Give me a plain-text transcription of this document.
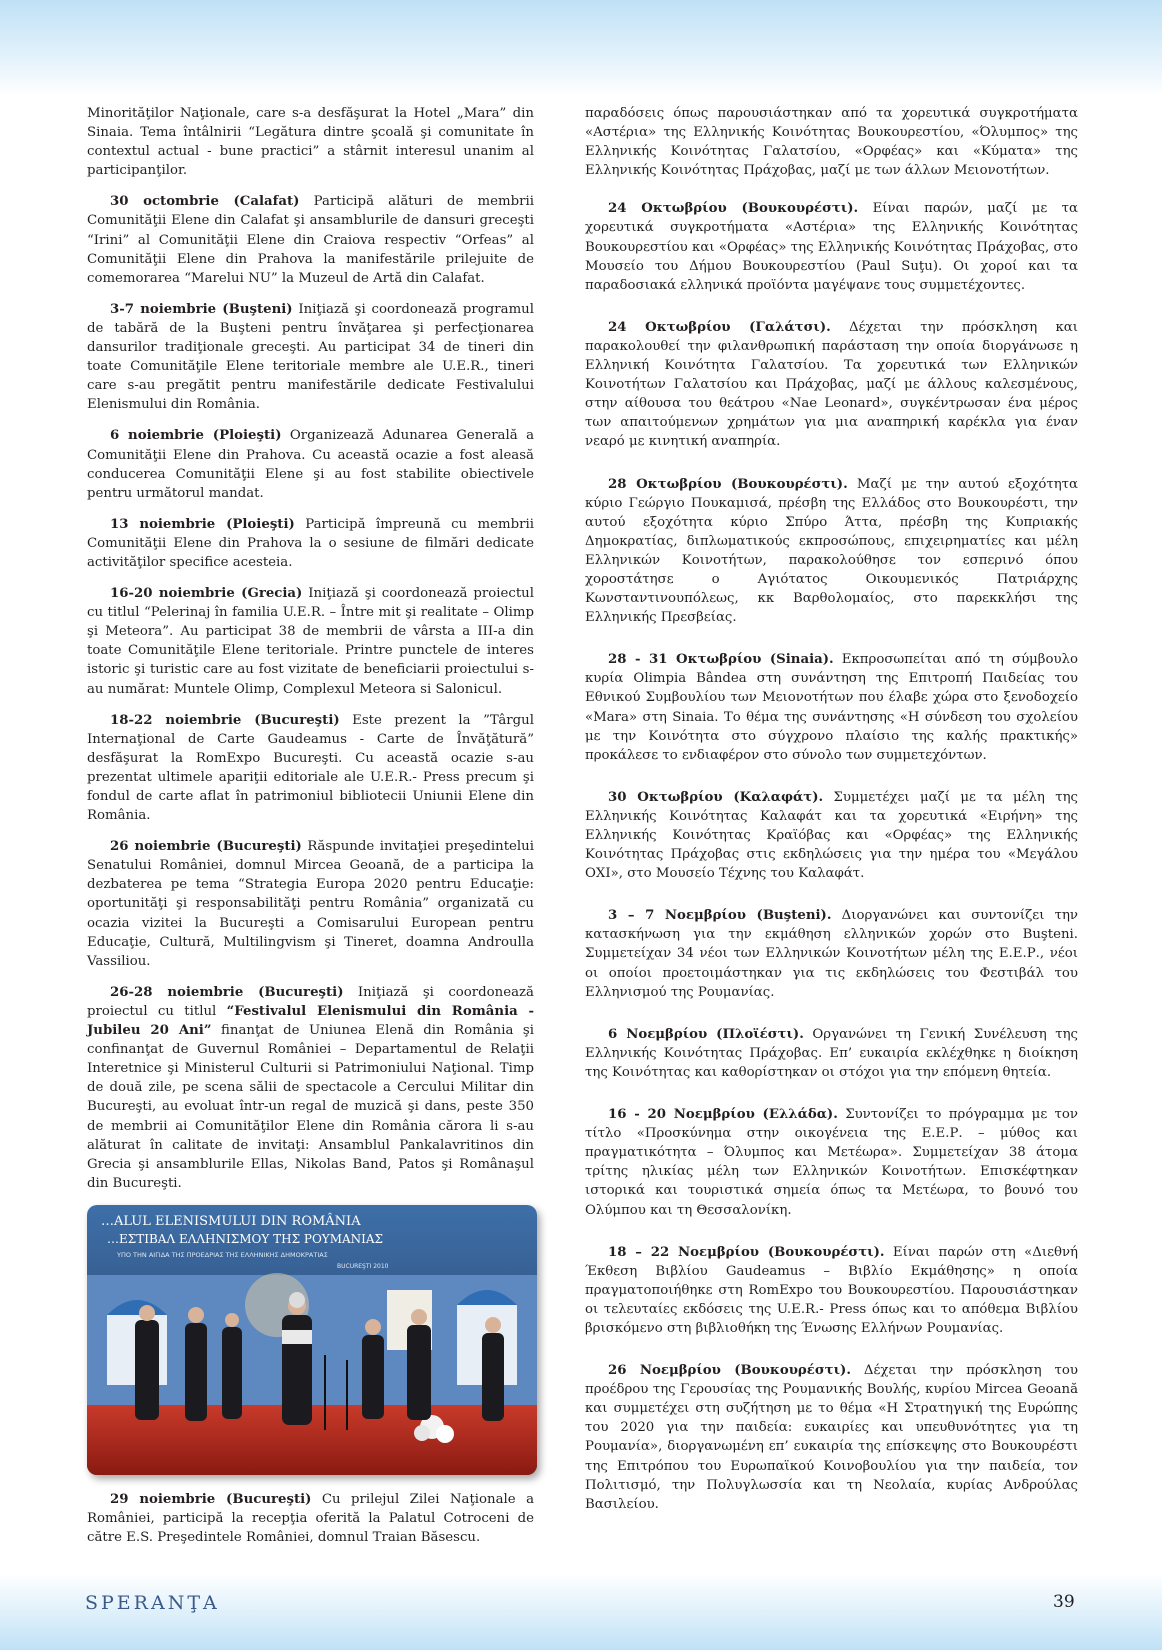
Minorităţilor Naţionale, care s-a desfăşurat la Hotel „Mara” din Sinaia. Tema întâlnirii “Legătura dintre şcoală şi comunitate în contextul actual - bune practici” a stârnit interesul unanim al participanţilor.

30 octombrie (Calafat) Participă alături de membrii Comunităţii Elene din Calafat şi ansamblurile de dansuri greceşti “Irini” al Comunităţii Elene din Craiova respectiv “Orfeas” al Comunităţii Elene din Prahova la manifestările prilejuite de comemorarea “Marelui NU” la Muzeul de Artă din Calafat.

3-7 noiembrie (Buşteni) Iniţiază şi coordonează programul de tabără de la Buşteni pentru învăţarea şi perfecţionarea dansurilor tradiţionale greceşti. Au participat 34 de tineri din toate Comunităţile Elene teritoriale membre ale U.E.R., tineri care s-au pregătit pentru manifestările dedicate Festivalului Elenismului din România.

6 noiembrie (Ploieşti) Organizează Adunarea Generală a Comunităţii Elene din Prahova. Cu această ocazie a fost aleasă conducerea Comunităţii Elene şi au fost stabilite obiectivele pentru următorul mandat.

13 noiembrie (Ploieşti) Participă împreună cu membrii Comunităţii Elene din Prahova la o sesiune de filmări dedicate activităţilor specifice acesteia.

16-20 noiembrie (Grecia) Iniţiază şi coordonează proiectul cu titlul “Pelerinaj în familia U.E.R. – Între mit şi realitate – Olimp şi Meteora”. Au participat 38 de membrii de vârsta a III-a din toate Comunităţile Elene teritoriale. Printre punctele de interes istoric şi turistic care au fost vizitate de beneficiarii proiectului s-au numărat: Muntele Olimp, Complexul Meteora si Salonicul.

18-22 noiembrie (Bucureşti) Este prezent la ”Târgul Internaţional de Carte Gaudeamus - Carte de Învăţătură” desfăşurat la RomExpo Bucureşti. Cu această ocazie s-au prezentat ultimele apariţii editoriale ale U.E.R.- Press precum şi fondul de carte aflat în patrimoniul bibliotecii Uniunii Elene din România.

26 noiembrie (Bucureşti) Răspunde invitaţiei preşedintelui Senatului României, domnul Mircea Geoană, de a participa la dezbaterea pe tema “Strategia Europa 2020 pentru Educaţie: oportunităţi şi responsabilităţi pentru România” organizată cu ocazia vizitei la Bucureşti a Comisarului European pentru Educaţie, Cultură, Multilingvism şi Tineret, doamna Androulla Vassiliou.

26-28 noiembrie (Bucureşti) Iniţiază şi coordonează proiectul cu titlul “Festivalul Elenismului din România - Jubileu 20 Ani” finanţat de Uniunea Elenă din România şi confinanţat de Guvernul României – Departamentul de Relaţii Interetnice şi Ministerul Culturii si Patrimoniului Naţional. Timp de două zile, pe scena sălii de spectacole a Cercului Militar din Bucureşti, au evoluat într-un regal de muzică şi dans, peste 350 de membrii ai Comunităţilor Elene din România cărora li s-au alăturat în calitate de invitaţi: Ansamblul Pankalavritinos din Grecia şi ansamblurile Ellas, Nikolas Band, Patos şi Românaşul din Bucureşti.

…ALUL ELENISMULUI DIN ROMÂNIA
…ΕΣΤΙΒΑΛ ΕΛΛΗΝΙΣΜΟΥ ΤΗΣ ΡΟΥΜΑΝΙΑΣ
ΥΠΟ ΤΗΝ ΑΙΓΙΔΑ ΤΗΣ ΠΡΟΕΔΡΙΑΣ ΤΗΣ ΕΛΛΗΝΙΚΗΣ ΔΗΜΟΚΡΑΤΙΑΣ
BUCUREŞTI 2010

29 noiembrie (Bucureşti) Cu prilejul Zilei Naţionale a României, participă la recepţia oferită la Palatul Cotroceni de către E.S. Preşedintele României, domnul Traian Băsescu.

παραδόσεις όπως παρουσιάστηκαν από τα χορευτικά συγκροτήματα «Αστέρια» της Ελληνικής Κοινότητας Βουκουρεστίου, «Όλυμπος» της Ελληνικής Κοινότητας Γαλατσίου, «Ορφέας» και «Κύματα» της Ελληνικής Κοινότητας Πράχοβας, μαζί με των άλλων Μειονοτήτων.

24 Οκτωβρίου (Βουκουρέστι). Είναι παρών, μαζί με τα χορευτικά συγκροτήματα «Αστέρια» της Ελληνικής Κοινότητας Βουκουρεστίου και «Ορφέας» της Ελληνικής Κοινότητας Πράχοβας, στο Μουσείο του Δήμου Βουκουρεστίου (Paul Suţu). Οι χοροί και τα παραδοσιακά ελληνικά προϊόντα μαγέψανε τους συμμετέχοντες.

24 Οκτωβρίου (Γαλάτσι). Δέχεται την πρόσκληση και παρακολουθεί την φιλανθρωπική παράσταση την οποία διοργάνωσε η Ελληνική Κοινότητα Γαλατσίου. Τα χορευτικά των Ελληνικών Κοινοτήτων Γαλατσίου και Πράχοβας, μαζί με άλλους καλεσμένους, στην αίθουσα του θεάτρου «Nae Leonard», συγκέντρωσαν ένα μέρος των απαιτούμενων χρημάτων για μια αναπηρική καρέκλα για έναν νεαρό με κινητική αναπηρία.

28 Οκτωβρίου (Βουκουρέστι). Μαζί με την αυτού εξοχότητα κύριο Γεώργιο Πουκαμισά, πρέσβη της Ελλάδος στο Βουκουρέστι, την αυτού εξοχότητα κύριο Σπύρο Άττα, πρέσβη της Κυπριακής Δημοκρατίας, διπλωματικούς εκπροσώπους, επιχειρηματίες και μέλη Ελληνικών Κοινοτήτων, παρακολούθησε τον εσπερινό όπου χοροστάτησε ο Αγιότατος Οικουμενικός Πατριάρχης Κωνσταντινουπόλεως, κκ Βαρθολομαίος, στο παρεκκλήσι της Ελληνικής Πρεσβείας.

28 - 31 Οκτωβρίου (Sinaia). Εκπροσωπείται από τη σύμβουλο κυρία Olimpia Bândea στη συνάντηση της Επιτροπή Παιδείας του Εθνικού Συμβουλίου των Μειονοτήτων που έλαβε χώρα στο ξενοδοχείο «Mara» στη Sinaia. Το θέμα της συνάντησης «Η σύνδεση του σχολείου με την Κοινότητα στο σύγχρονο πλαίσιο της καλής πρακτικής» προκάλεσε το ενδιαφέρον στο σύνολο των συμμετεχόντων.

30 Οκτωβρίου (Καλαφάτ). Συμμετέχει μαζί με τα μέλη της Ελληνικής Κοινότητας Καλαφάτ και τα χορευτικά «Ειρήνη» της Ελληνικής Κοινότητας Κραϊόβας και «Ορφέας» της Ελληνικής Κοινότητας Πράχοβας στις εκδηλώσεις για την ημέρα του «Μεγάλου ΟΧΙ», στο Μουσείο Τέχνης του Καλαφάτ.

3 – 7 Νοεμβρίου (Buşteni). Διοργανώνει και συντονίζει την κατασκήνωση για την εκμάθηση ελληνικών χορών στο Buşteni. Συμμετείχαν 34 νέοι των Ελληνικών Κοινοτήτων μέλη της Ε.Ε.Ρ., νέοι οι οποίοι προετοιμάστηκαν για τις εκδηλώσεις του Φεστιβάλ του Ελληνισμού της Ρουμανίας.

6 Νοεμβρίου (Πλοϊέστι). Οργανώνει τη Γενική Συνέλευση της Ελληνικής Κοινότητας Πράχοβας. Επ’ ευκαιρία εκλέχθηκε η διοίκηση της Κοινότητας και καθορίστηκαν οι στόχοι για την επόμενη θητεία.

16 - 20 Νοεμβρίου (Ελλάδα). Συντονίζει το πρόγραμμα με τον τίτλο «Προσκύνημα στην οικογένεια της Ε.Ε.Ρ. – μύθος και πραγματικότητα – Όλυμπος και Μετέωρα». Συμμετείχαν 38 άτομα τρίτης ηλικίας μέλη των Ελληνικών Κοινοτήτων. Επισκέφτηκαν ιστορικά και τουριστικά σημεία όπως τα Μετέωρα, το βουνό του Ολύμπου και τη Θεσσαλονίκη.

18 – 22 Νοεμβρίου (Βουκουρέστι). Είναι παρών στη «Διεθνή Έκθεση Βιβλίου Gaudeamus – Βιβλίο Εκμάθησης» η οποία πραγματοποιήθηκε στη RomExpo του Βουκουρεστίου. Παρουσιάστηκαν οι τελευταίες εκδόσεις της U.E.R.- Press όπως και το απόθεμα Βιβλίου βρισκόμενο στη βιβλιοθήκη της Ένωσης Ελλήνων Ρουμανίας.

26 Νοεμβρίου (Βουκουρέστι). Δέχεται την πρόσκληση του προέδρου της Γερουσίας της Ρουμανικής Βουλής, κυρίου Mircea Geoană και συμμετέχει στη συζήτηση με το θέμα «Η Στρατηγική της Ευρώπης του 2020 για την παιδεία: ευκαιρίες και υπευθυνότητες για τη Ρουμανία», διοργανωμένη επ’ ευκαιρία της επίσκεψης στο Βουκουρέστι της Επιτρόπου του Ευρωπαϊκού Κοινοβουλίου για την παιδεία, τον Πολιτισμό, την Πολυγλωσσία και τη Νεολαία, κυρίας Ανδρούλας Βασιλείου.

SPERANŢA	39
